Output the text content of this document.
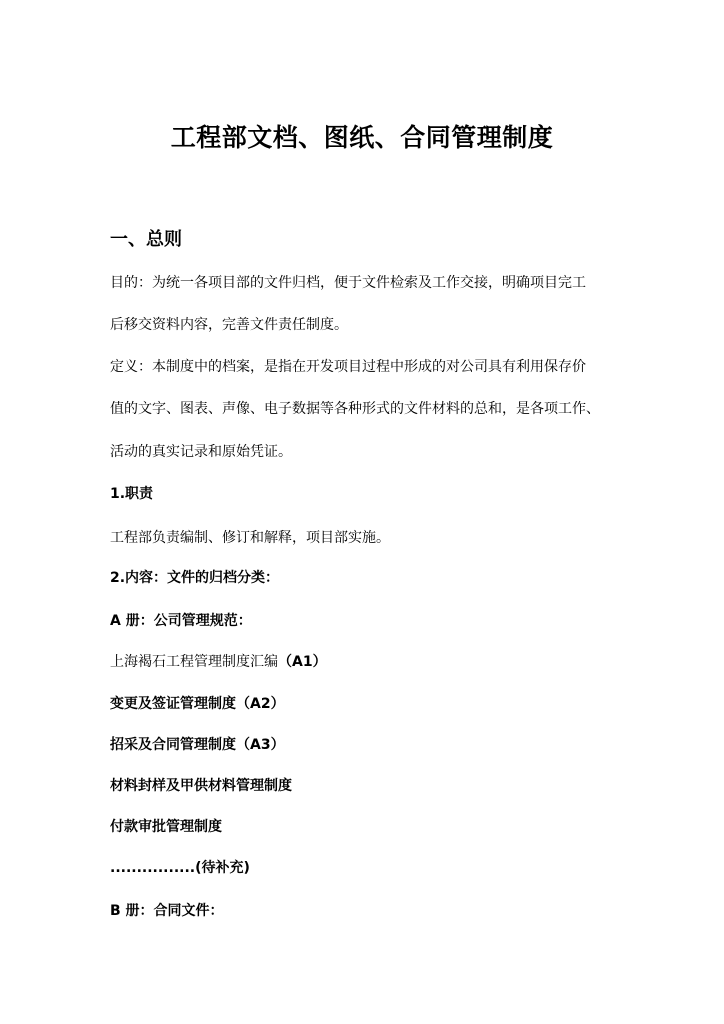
工程部文档、图纸、合同管理制度
一、总则
目的：为统一各项目部的文件归档，便于文件检索及工作交接，明确项目完工
后移交资料内容，完善文件责任制度。
定义：本制度中的档案，是指在开发项目过程中形成的对公司具有利用保存价
值的文字、图表、声像、电子数据等各种形式的文件材料的总和，是各项工作、
活动的真实记录和原始凭证。
1.职责
工程部负责编制、修订和解释，项目部实施。
2.内容：文件的归档分类：
A 册：公司管理规范：
上海褐石工程管理制度汇编（A1）
变更及签证管理制度（A2）
招采及合同管理制度（A3）
材料封样及甲供材料管理制度
付款审批管理制度
................(待补充)
B 册：合同文件：
